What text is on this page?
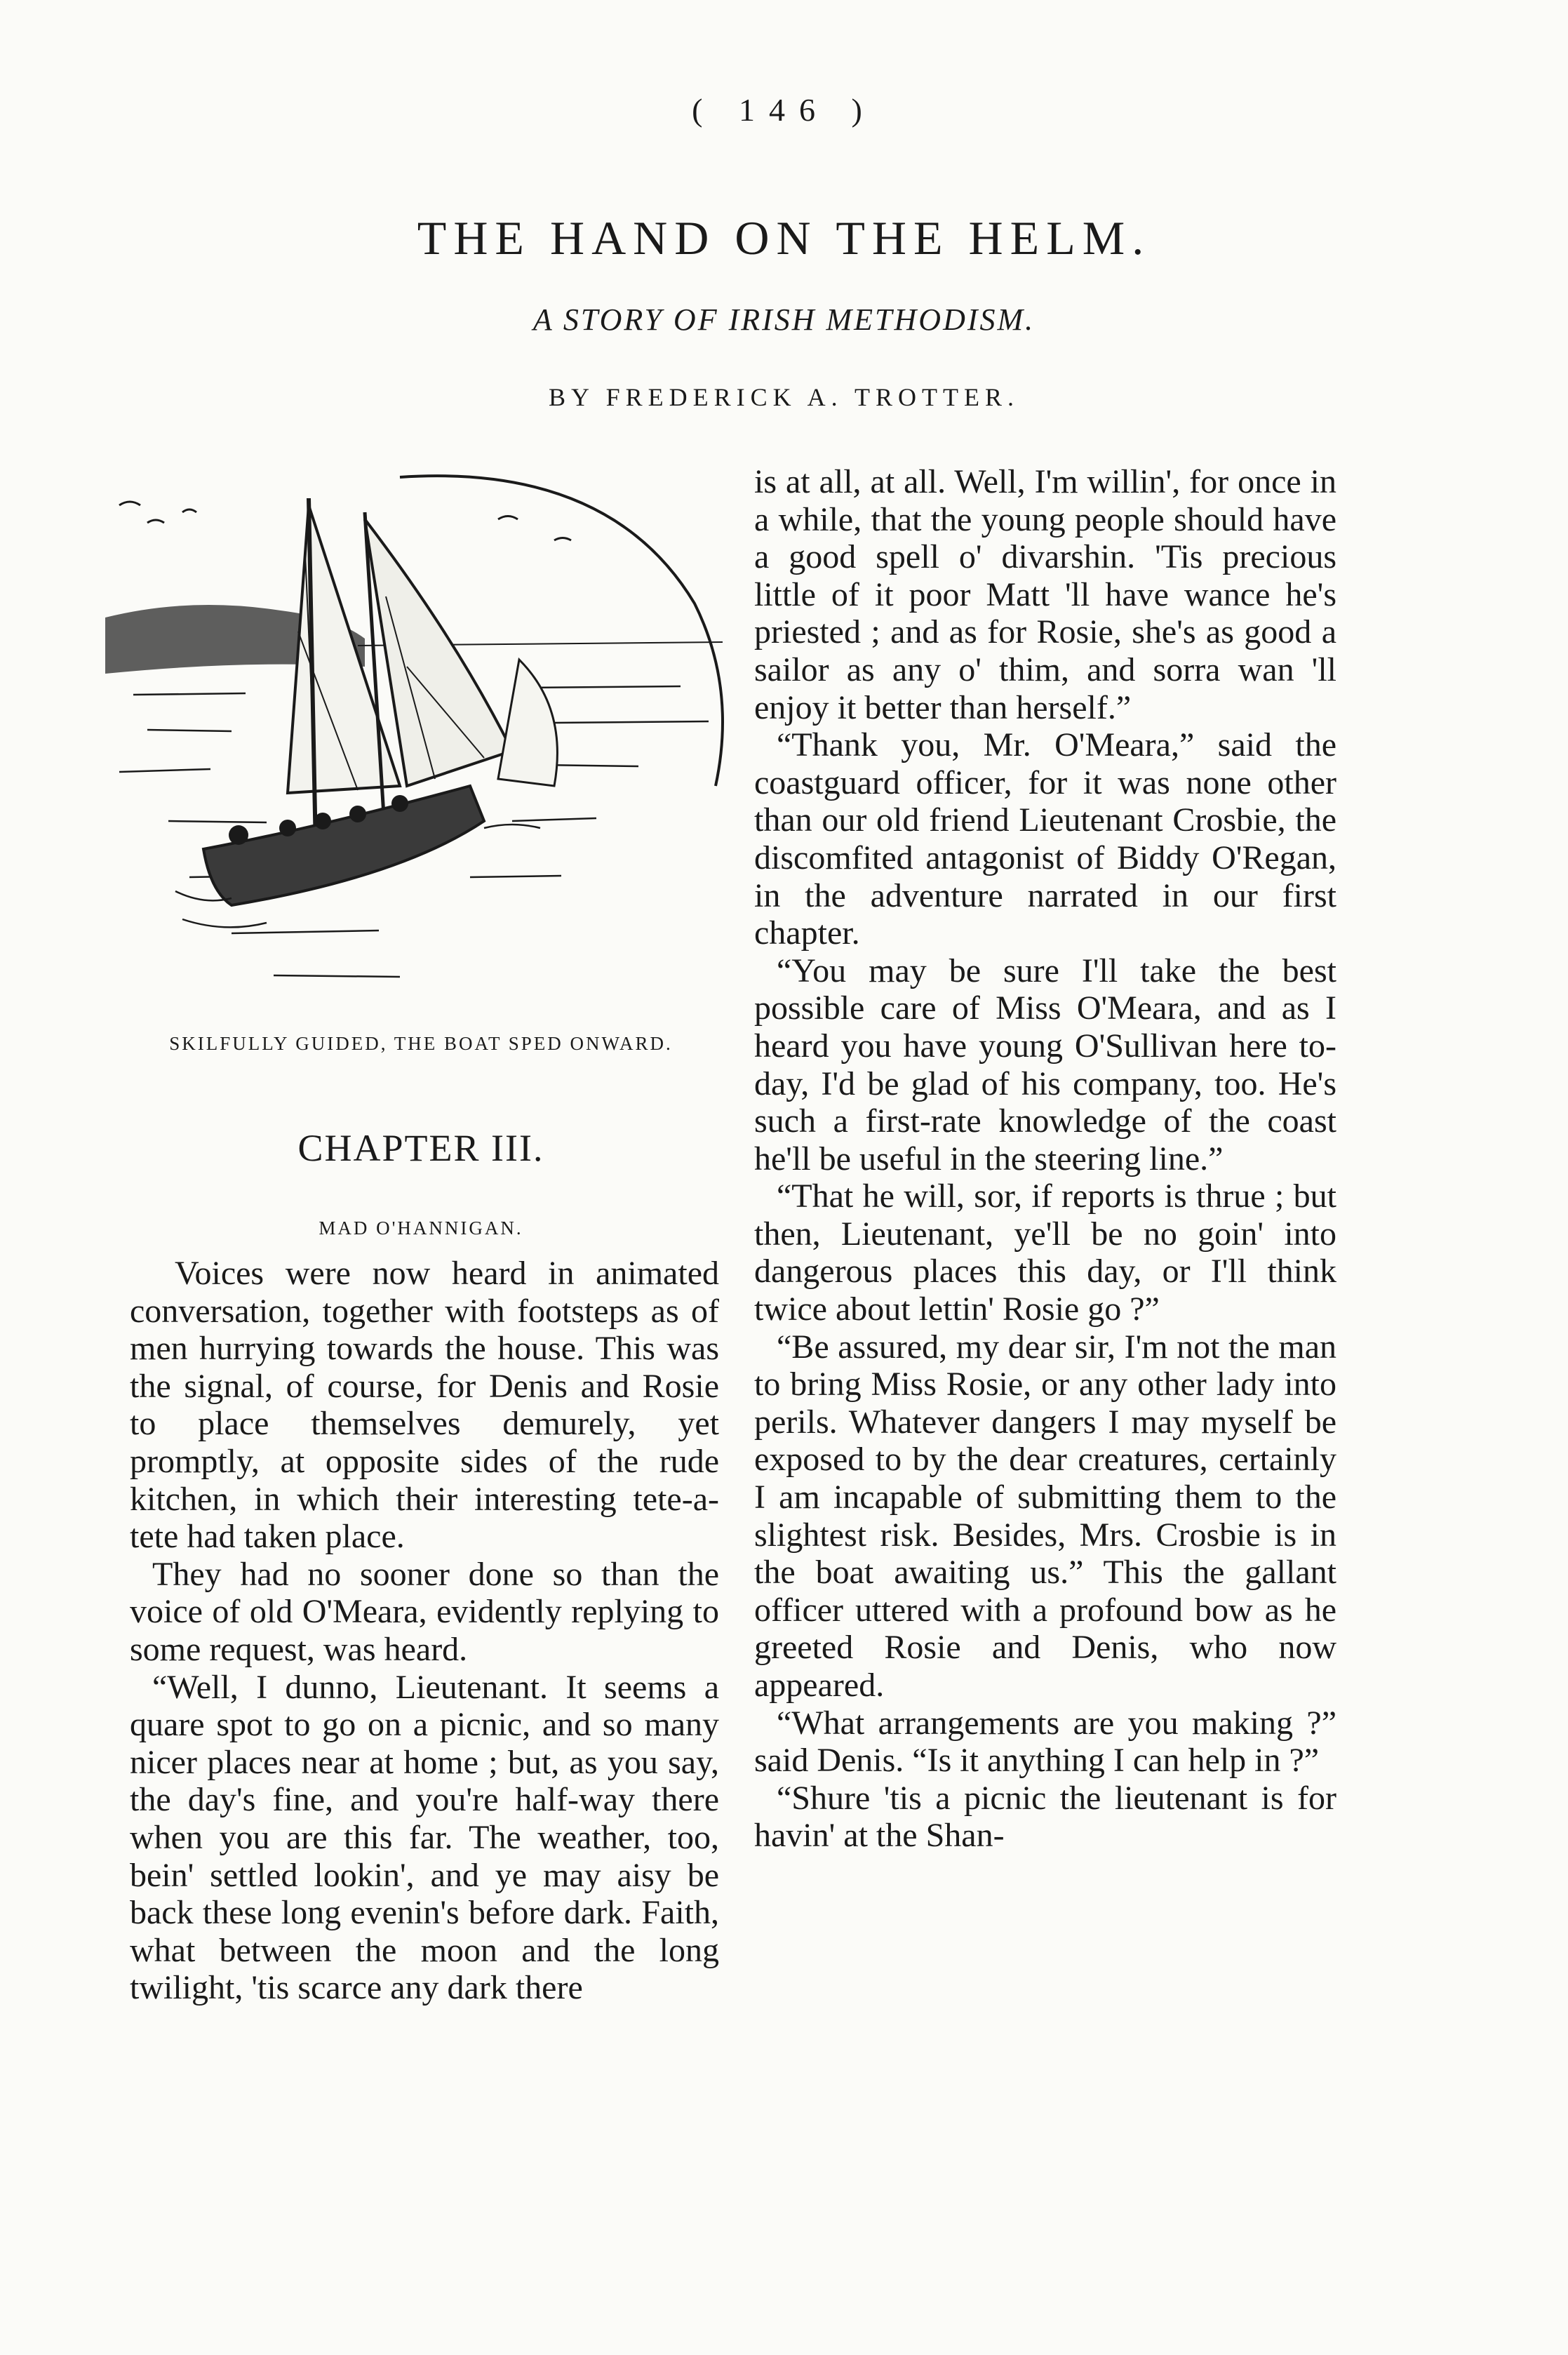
( 146 )
THE HAND ON THE HELM.
A STORY OF IRISH METHODISM.
BY FREDERICK A. TROTTER.
SKILFULLY GUIDED, THE BOAT SPED ONWARD.
CHAPTER III.
MAD O'HANNIGAN.

Voices were now heard in animated conversation, together with footsteps as of men hurrying towards the house. This was the signal, of course, for Denis and Rosie to place themselves demurely, yet promptly, at opposite sides of the rude kitchen, in which their interesting tete-a-tete had taken place.

They had no sooner done so than the voice of old O'Meara, evidently replying to some request, was heard.

“Well, I dunno, Lieutenant. It seems a quare spot to go on a picnic, and so many nicer places near at home ; but, as you say, the day's fine, and you're half-way there when you are this far. The weather, too, bein' settled lookin', and ye may aisy be back these long evenin's before dark. Faith, what between the moon and the long twilight, 'tis scarce any dark there

is at all, at all. Well, I'm willin', for once in a while, that the young people should have a good spell o' divarshin. 'Tis precious little of it poor Matt 'll have wance he's priested ; and as for Rosie, she's as good a sailor as any o' thim, and sorra wan 'll enjoy it better than herself.”

“Thank you, Mr. O'Meara,” said the coastguard officer, for it was none other than our old friend Lieutenant Crosbie, the discomfited antagonist of Biddy O'Regan, in the adventure narrated in our first chapter.

“You may be sure I'll take the best possible care of Miss O'Meara, and as I heard you have young O'Sullivan here to-day, I'd be glad of his company, too. He's such a first-rate knowledge of the coast he'll be useful in the steering line.”

“That he will, sor, if reports is thrue ; but then, Lieutenant, ye'll be no goin' into dangerous places this day, or I'll think twice about lettin' Rosie go ?”

“Be assured, my dear sir, I'm not the man to bring Miss Rosie, or any other lady into perils. Whatever dangers I may myself be exposed to by the dear creatures, certainly I am incapable of submitting them to the slightest risk. Besides, Mrs. Crosbie is in the boat awaiting us.” This the gallant officer uttered with a profound bow as he greeted Rosie and Denis, who now appeared.

“What arrangements are you making ?” said Denis. “Is it anything I can help in ?”

“Shure 'tis a picnic the lieutenant is for havin' at the Shan-
